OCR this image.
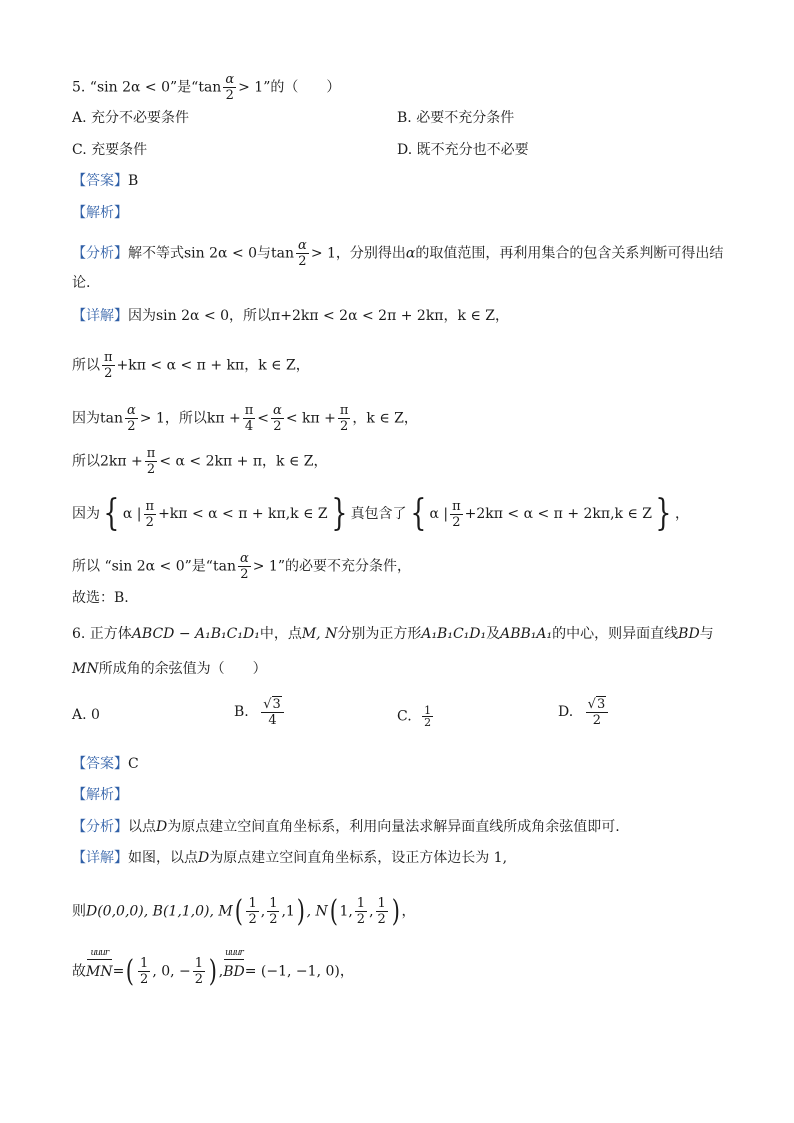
5. “sin 2α < 0”是“$\tan \frac{\alpha}{2} > 1$”的（　　）
A. 充分不必要条件	B. 必要不充分条件
C. 充要条件	D. 既不充分也不必要
【答案】B
【解析】
【分析】解不等式sin 2α < 0与$\tan \frac{\alpha}{2} > 1$，分别得出α的取值范围，再利用集合的包含关系判断可得出结
论.
【详解】因为sin 2α < 0，所以π+2kπ < 2α < 2π + 2kπ，k ∈ Z，
所以 $\frac{\pi}{2} +k\pi < \alpha < \pi + k\pi$，k ∈ Z，
因为$\tan \frac{\alpha}{2} > 1$，所以$k\pi + \frac{\pi}{4} < \frac{\alpha}{2} < k\pi + \frac{\pi}{2}$ ，k ∈ Z，
所以$2k\pi + \frac{\pi}{2} < \alpha < 2k\pi + \pi$，k ∈ Z，
因为{ α | $\frac{\pi}{2} +k\pi < \alpha < \pi + k\pi,k$ ∈ Z} 真包含了{ α | $\frac{\pi}{2} +2k\pi < \alpha < \pi + 2k\pi,k$ ∈ Z} ，
所以 “sin 2α < 0”是“$\tan \frac{\alpha}{2} > 1$”的必要不充分条件，
故选：B.
6. 正方体ABCD − A₁B₁C₁D₁中，点M, N分别为正方形A₁B₁C₁D₁及ABB₁A₁的中心，则异面直线BD与
MN所成角的余弦值为（　　）
A. 0	B. $\frac{√3}{4}$	C. $\frac{1}{2}$	D. $\frac{√3}{2}$
【答案】C
【解析】
【分析】以点D为原点建立空间直角坐标系，利用向量法求解异面直线所成角余弦值即可.
【详解】如图，以点D为原点建立空间直角坐标系，设正方体边长为 1,
则D(0,0,0), B(1,1,0), $M( \frac{1}{2}$ , $\frac{1}{2} ,1$) , N( 1, $\frac{1}{2}$ , $\frac{1}{2}$ ) ，
故
uuur
$MN=( \frac{1}{2}$ , 0, − $\frac{1}{2}$ ) ,
uuur
BD= (−1, −1, 0)，
